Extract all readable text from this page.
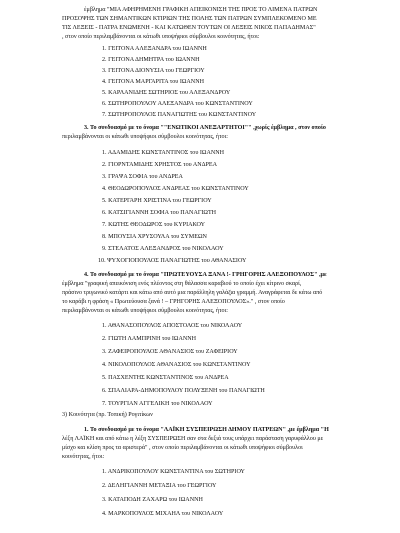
έμβλημα "ΜΙΑ ΑΦΗΡΗΜΕΝΗ ΓΡΑΦΙΚΗ ΑΠΕΙΚΟΝΙΣΗ ΤΗΣ ΠΡΟΣ ΤΟ ΛΙΜΕΝΑ ΠΑΤΡΩΝ
ΠΡΟΣΟΨΗΣ ΤΩΝ ΣΗΜΑΝΤΙΚΩΝ ΚΤΙΡΙΩΝ ΤΗΣ ΠΟΛΗΣ ΤΩΝ ΠΑΤΡΩΝ ΣΥΜΠΛΕΚΟΜΕΝΟ ΜΕ
ΤΙΣ ΛΕΞΕΙΣ - ΠΑΤΡΑ ΕΝΩΜΕΝΗ - ΚΑΙ ΚΑΤΩΘΕΝ ΤΟΥΤΩΝ ΟΙ ΛΕΞΕΙΣ ΝΙΚΟΣ ΠΑΠΑΔΗΜΑΣ"
, στον οποίο περιλαμβάνονται οι κάτωθι υποψήφιοι σύμβουλοι κοινότητας, ήτοι:
1. ΓΕΙΤΟΝΑ ΑΛΕΞΑΝΔΡΑ του ΙΩΑΝΝΗ
2. ΓΕΙΤΟΝΑ ΔΗΜΗΤΡΑ του ΙΩΑΝΝΗ
3. ΓΕΙΤΟΝΑ ΔΙΟΝΥΣΙΑ του ΓΕΩΡΓΙΟΥ
4. ΓΕΙΤΟΝΑ ΜΑΡΓΑΡΙΤΑ του ΙΩΑΝΝΗ
5. ΚΑΡΛΑΝΙΔΗΣ ΣΩΤΗΡΙΟΣ του ΑΛΕΞΑΝΔΡΟΥ
6. ΣΩΤΗΡΟΠΟΥΛΟΥ ΑΛΕΞΑΝΔΡΑ του ΚΩΝΣΤΑΝΤΙΝΟΥ
7. ΣΩΤΗΡΟΠΟΥΛΟΣ ΠΑΝΑΓΙΩΤΗΣ του ΚΩΝΣΤΑΝΤΙΝΟΥ
3. Το συνδυασμό με το όνομα ""ΕΝΩΤΙΚΟΙ ΑΝΕΞΑΡΤΗΤΟΙ"" ,χωρίς έμβλημα , στον οποίο
περιλαμβάνονται οι κάτωθι υποψήφιοι σύμβουλοι κοινότητας, ήτοι:
1. ΑΔΑΜΙΔΗΣ ΚΩΝΣΤΑΝΤΙΝΟΣ του ΙΩΑΝΝΗ
2. ΓΙΟΡΝΤΑΜΙΔΗΣ ΧΡΗΣΤΟΣ του ΑΝΔΡΕΑ
3. ΓΡΑΨΑ ΣΟΦΙΑ του ΑΝΔΡΕΑ
4. ΘΕΟΔΩΡΟΠΟΥΛΟΣ ΑΝΔΡΕΑΣ του ΚΩΝΣΤΑΝΤΙΝΟΥ
5. ΚΑΤΕΡΓΑΡΗ ΧΡΙΣΤΙΝΑ του ΓΕΩΡΓΙΟΥ
6. ΚΑΤΣΙΓΙΑΝΝΗ ΣΟΦΙΑ του ΠΑΝΑΓΙΩΤΗ
7. ΚΩΤΗΣ ΘΕΟΔΩΡΟΣ του ΚΥΡΙΑΚΟΥ
8. ΜΠΟΥΣΙΑ ΧΡΥΣΟΥΛΑ του ΣΥΜΕΩΝ
9. ΣΤΕΛΑΤΟΣ ΑΛΕΞΑΝΔΡΟΣ του ΝΙΚΟΛΑΟΥ
10. ΨΥΧΟΓΙΟΠΟΥΛΟΣ ΠΑΝΑΓΙΩΤΗΣ του ΑΘΑΝΑΣΙΟΥ
4. Το συνδυασμό με το όνομα "ΠΡΩΤΕΥΟΥΣΑ ΞΑΝΑ !- ΓΡΗΓΟΡΗΣ ΑΛΕΞΟΠΟΥΛΟΣ" ,με
έμβλημα "γραφική απεικόνιση ενός πλέοντος στη θάλασσα καραβιού το οποίο έχει κίτρινο σκαρί,
πράσινο τριγωνικό κατάρτι και κάτω από αυτό μια παράλληλη γαλάζια γραμμή. Αναγράφεται δε κάτω από
το καράβι η φράση « Πρωτεύουσα ξανά ! – ΓΡΗΓΟΡΗΣ ΑΛΕΞΟΠΟΥΛΟΣ»." , στον οποίο
περιλαμβάνονται οι κάτωθι υποψήφιοι σύμβουλοι κοινότητας, ήτοι:
1. ΑΘΑΝΑΣΟΠΟΥΛΟΣ ΑΠΟΣΤΟΛΟΣ του ΝΙΚΟΛΑΟΥ
2. ΓΙΩΤΗ ΛΑΜΠΡΙΝΗ του ΙΩΑΝΝΗ
3. ΖΑΦΕΙΡΟΠΟΥΛΟΣ ΑΘΑΝΑΣΙΟΣ του ΖΑΦΕΙΡΙΟΥ
4. ΝΙΚΟΛΟΠΟΥΛΟΣ ΑΘΑΝΑΣΙΟΣ του ΚΩΝΣΤΑΝΤΙΝΟΥ
5. ΠΑΣΧΕΝΤΗΣ ΚΩΝΣΤΑΝΤΙΝΟΣ του ΑΝΔΡΕΑ
6. ΣΠΑΛΙΑΡΑ-ΔΗΜΟΠΟΥΛΟΥ ΠΟΛΥΞΕΝΗ του ΠΑΝΑΓΙΩΤΗ
7. ΤΟΥΡΓΙΑΝ ΑΓΓΕΛΙΚΗ του ΝΙΚΟΛΑΟΥ
3) Κοινότητα (πρ. Τοπική) Ρογιτίκων
1. Το συνδυασμό με το όνομα "ΛΑΪΚΗ ΣΥΣΠΕΙΡΩΣΗ ΔΗΜΟΥ ΠΑΤΡΕΩΝ" ,με έμβλημα "Η
λέξη ΛΑΪΚΗ και από κάτω η λέξη ΣΥΣΠΕΙΡΩΣΗ σαν στα δεξιά τους υπάρχει παράσταση γαρυφάλλου με
μίσχο και κλίση προς τα αριστερά" , στον οποίο περιλαμβάνονται οι κάτωθι υποψήφιοι σύμβουλοι
κοινότητας, ήτοι:
1. ΑΝΔΡΙΚΟΠΟΥΛΟΥ ΚΩΝΣΤΑΝΤΙΝΑ του ΣΩΤΗΡΙΟΥ
2. ΔΕΛΗΓΙΑΝΝΗ ΜΕΤΑΞΙΑ του ΓΕΩΡΓΙΟΥ
3. ΚΑΤΑΠΟΔΗ ΖΑΧΑΡΩ του ΙΩΑΝΝΗ
4. ΜΑΡΚΟΠΟΥΛΟΣ ΜΙΧΑΗΛ του ΝΙΚΟΛΑΟΥ
